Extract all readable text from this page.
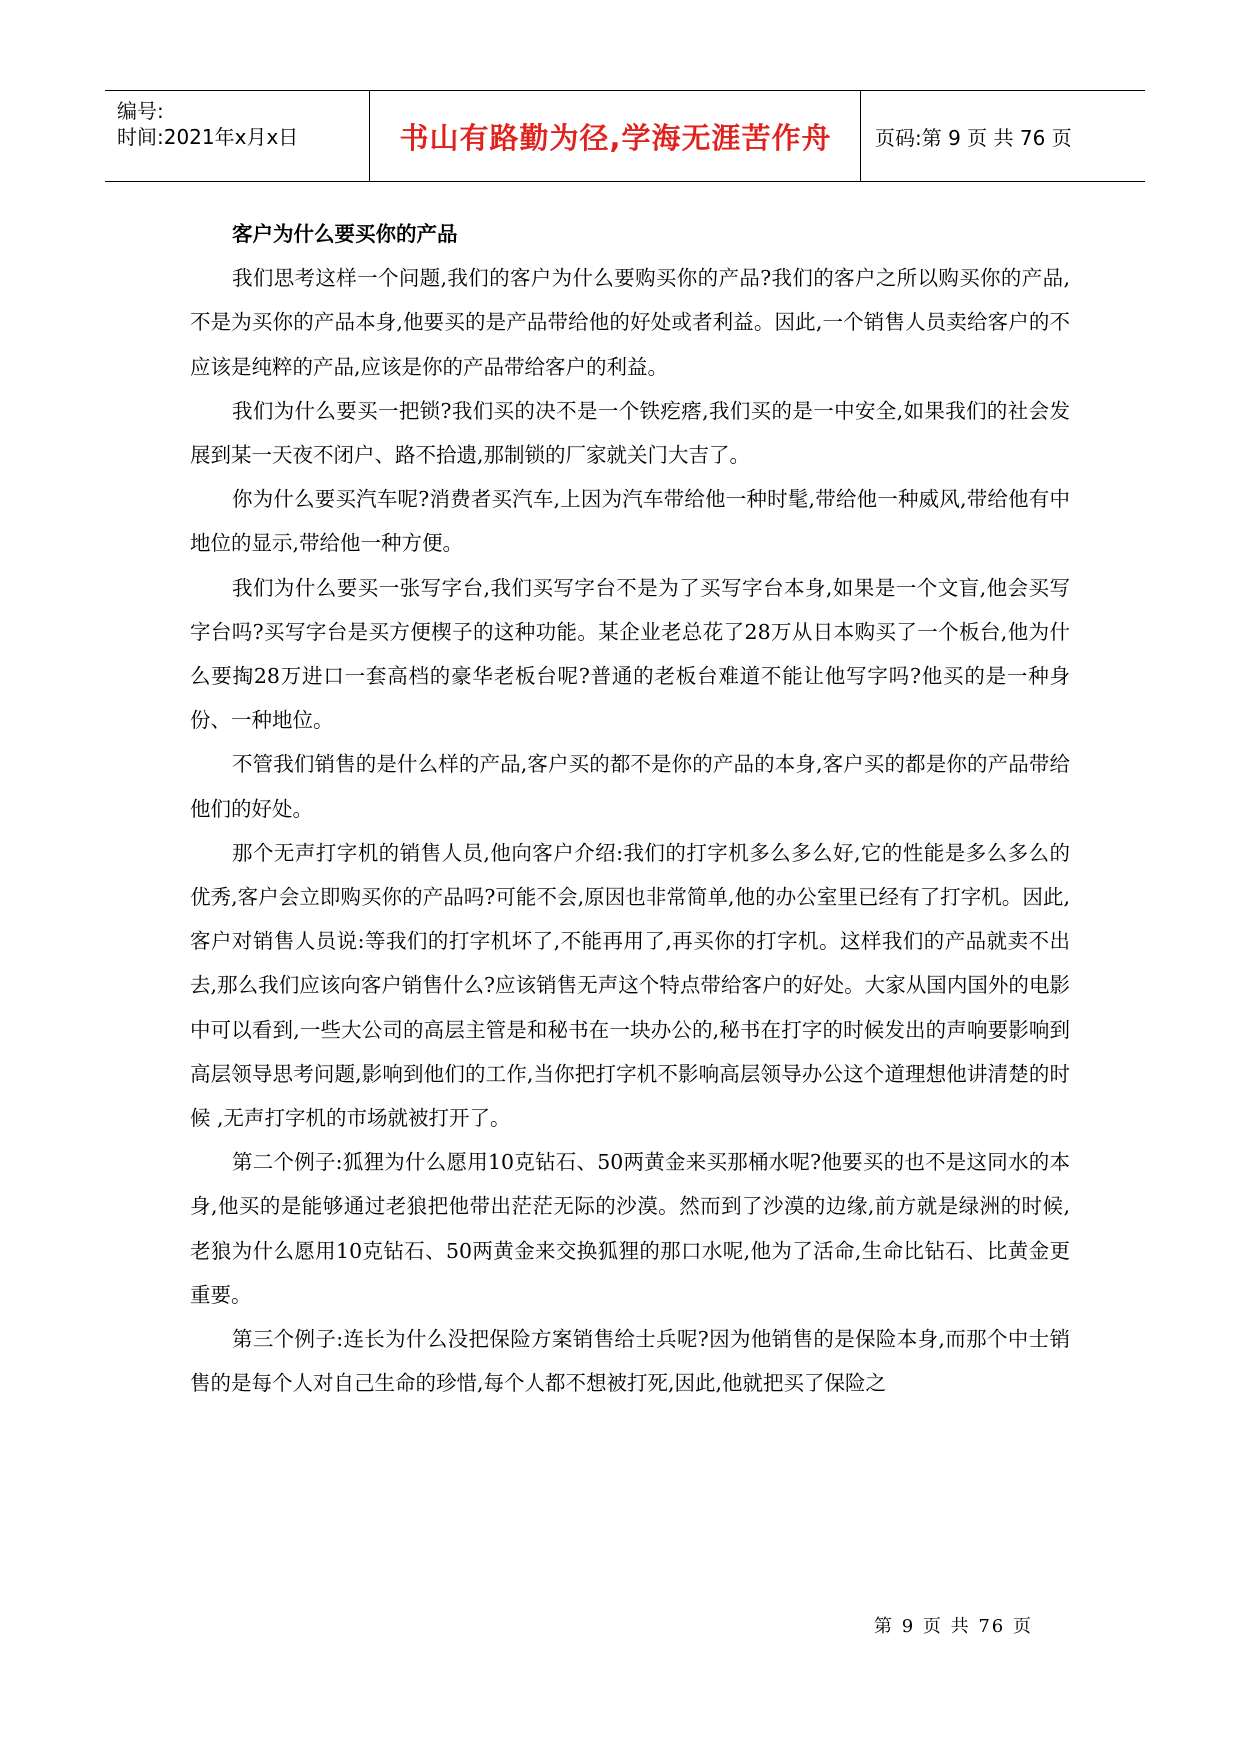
编号:
时间:2021年x月x日	书山有路勤为径,学海无涯苦作舟	页码:第 9 页 共 76 页

客户为什么要买你的产品

我们思考这样一个问题,我们的客户为什么要购买你的产品?我们的客户之所以购买你的产品,不是为买你的产品本身,他要买的是产品带给他的好处或者利益。因此,一个销售人员卖给客户的不应该是纯粹的产品,应该是你的产品带给客户的利益。

我们为什么要买一把锁?我们买的决不是一个铁疙瘩,我们买的是一中安全,如果我们的社会发展到某一天夜不闭户、路不拾遗,那制锁的厂家就关门大吉了。

你为什么要买汽车呢?消费者买汽车,上因为汽车带给他一种时髦,带给他一种威风,带给他有中地位的显示,带给他一种方便。

我们为什么要买一张写字台,我们买写字台不是为了买写字台本身,如果是一个文盲,他会买写字台吗?买写字台是买方便楔子的这种功能。某企业老总花了28万从日本购买了一个板台,他为什么要掏28万进口一套高档的豪华老板台呢?普通的老板台难道不能让他写字吗?他买的是一种身份、一种地位。

不管我们销售的是什么样的产品,客户买的都不是你的产品的本身,客户买的都是你的产品带给他们的好处。

那个无声打字机的销售人员,他向客户介绍:我们的打字机多么多么好,它的性能是多么多么的优秀,客户会立即购买你的产品吗?可能不会,原因也非常简单,他的办公室里已经有了打字机。因此,客户对销售人员说:等我们的打字机坏了,不能再用了,再买你的打字机。这样我们的产品就卖不出去,那么我们应该向客户销售什么?应该销售无声这个特点带给客户的好处。大家从国内国外的电影中可以看到,一些大公司的高层主管是和秘书在一块办公的,秘书在打字的时候发出的声响要影响到高层领导思考问题,影响到他们的工作,当你把打字机不影响高层领导办公这个道理想他讲清楚的时候 ,无声打字机的市场就被打开了。

第二个例子:狐狸为什么愿用10克钻石、50两黄金来买那桶水呢?他要买的也不是这同水的本身,他买的是能够通过老狼把他带出茫茫无际的沙漠。然而到了沙漠的边缘,前方就是绿洲的时候,老狼为什么愿用10克钻石、50两黄金来交换狐狸的那口水呢,他为了活命,生命比钻石、比黄金更重要。

第三个例子:连长为什么没把保险方案销售给士兵呢?因为他销售的是保险本身,而那个中士销售的是每个人对自己生命的珍惜,每个人都不想被打死,因此,他就把买了保险之

第 9 页 共 76 页
